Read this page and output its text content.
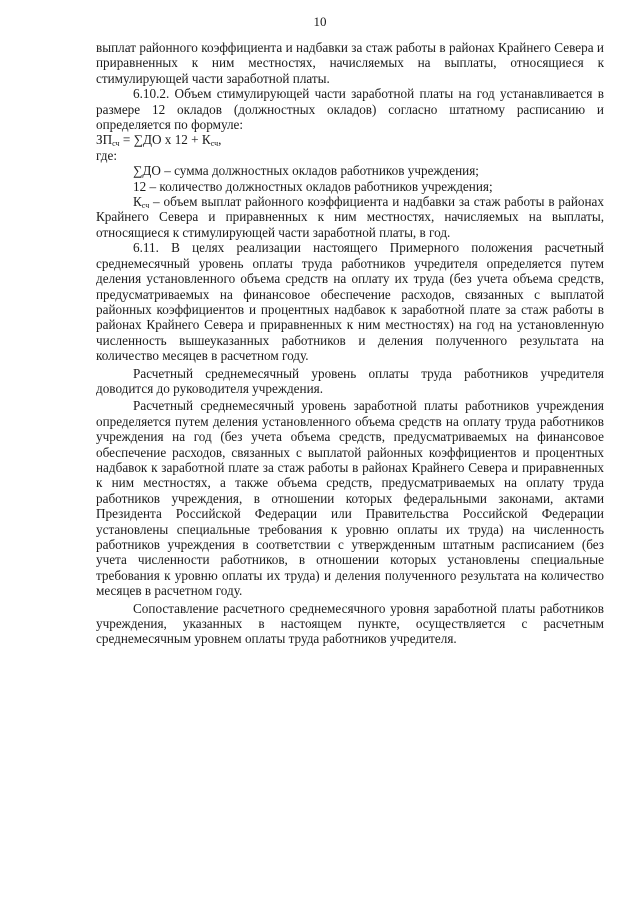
10

выплат районного коэффициента и надбавки за стаж работы в районах Крайнего Севера и приравненных к ним местностях, начисляемых на выплаты, относящиеся к стимулирующей части заработной платы.

6.10.2. Объем стимулирующей части заработной платы на год устанавливается в размере 12 окладов (должностных окладов) согласно штатному расписанию и определяется по формуле:

$ЗП_{сч} = \sum ДО$ x $12 + К_{сч}$,

где:

∑ДО – сумма должностных окладов работников учреждения;

12 – количество должностных окладов работников учреждения;

$К_{сч}$ – объем выплат районного коэффициента и надбавки за стаж работы в районах Крайнего Севера и приравненных к ним местностях, начисляемых на выплаты, относящиеся к стимулирующей части заработной платы, в год.

6.11. В целях реализации настоящего Примерного положения расчетный среднемесячный уровень оплаты труда работников учредителя определяется путем деления установленного объема средств на оплату их труда (без учета объема средств, предусматриваемых на финансовое обеспечение расходов, связанных с выплатой районных коэффициентов и процентных надбавок к заработной плате за стаж работы в районах Крайнего Севера и приравненных к ним местностях) на год на установленную численность вышеуказанных работников и деления полученного результата на количество месяцев в расчетном году.

Расчетный среднемесячный уровень оплаты труда работников учредителя доводится до руководителя учреждения.

Расчетный среднемесячный уровень заработной платы работников учреждения определяется путем деления установленного объема средств на оплату труда работников учреждения на год (без учета объема средств, предусматриваемых на финансовое обеспечение расходов, связанных с выплатой районных коэффициентов и процентных надбавок к заработной плате за стаж работы в районах Крайнего Севера и приравненных к ним местностях, а также объема средств, предусматриваемых на оплату труда работников учреждения, в отношении которых федеральными законами, актами Президента Российской Федерации или Правительства Российской Федерации установлены специальные требования к уровню оплаты их труда) на численность работников учреждения в соответствии с утвержденным штатным расписанием (без учета численности работников, в отношении которых установлены специальные требования к уровню оплаты их труда) и деления полученного результата на количество месяцев в расчетном году.

Сопоставление расчетного среднемесячного уровня заработной платы работников учреждения, указанных в настоящем пункте, осуществляется с расчетным среднемесячным уровнем оплаты труда работников учредителя.
